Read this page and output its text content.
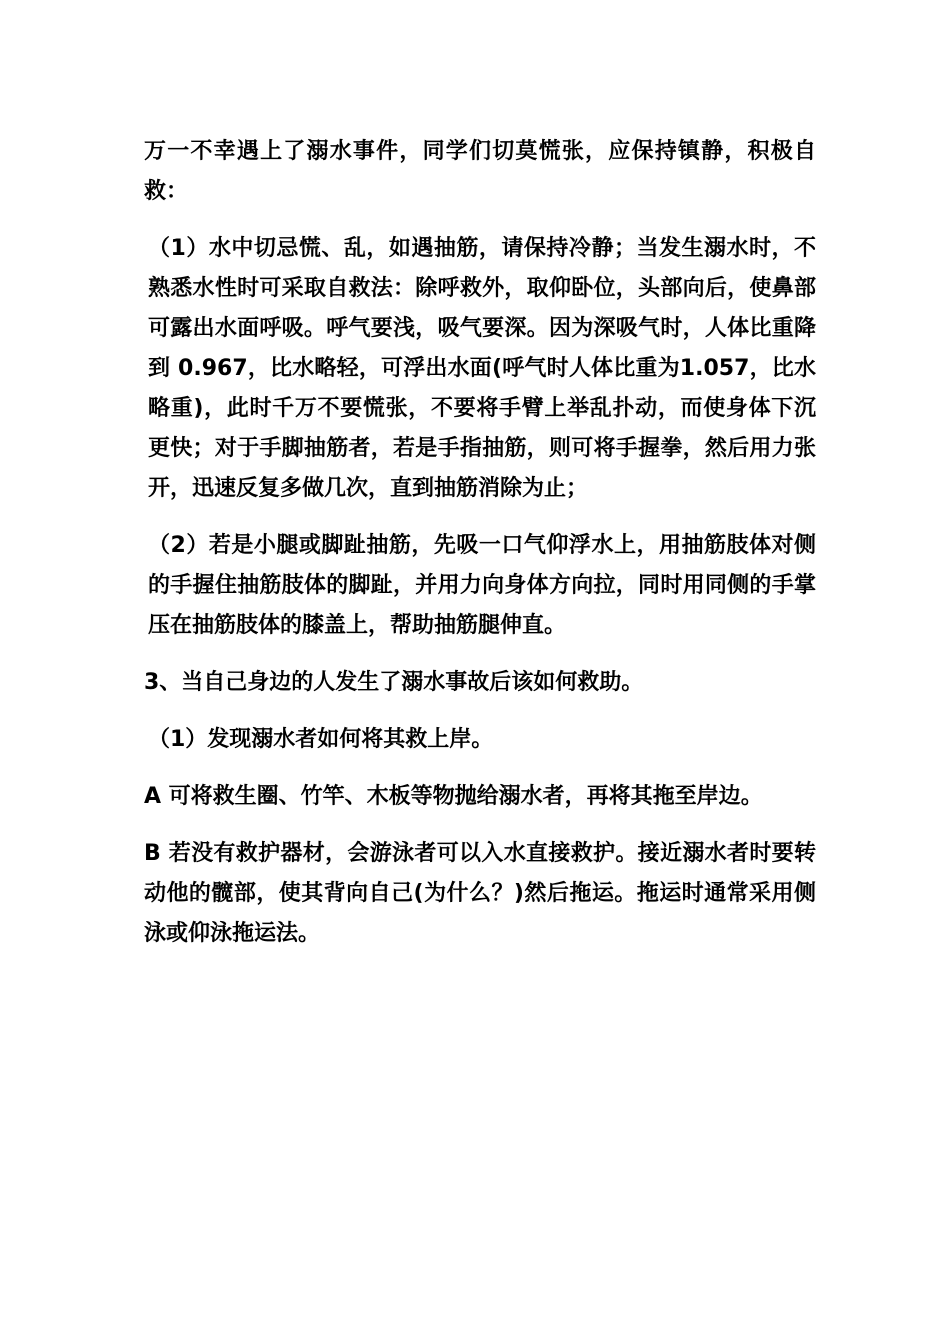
万一不幸遇上了溺水事件，同学们切莫慌张，应保持镇静，积极自救：

（1）水中切忌慌、乱，如遇抽筋，请保持冷静；当发生溺水时，不熟悉水性时可采取自救法：除呼救外，取仰卧位，头部向后，使鼻部可露出水面呼吸。呼气要浅，吸气要深。因为深吸气时，人体比重降到 0.967，比水略轻，可浮出水面(呼气时人体比重为1.057，比水略重)，此时千万不要慌张，不要将手臂上举乱扑动，而使身体下沉更快；对于手脚抽筋者，若是手指抽筋，则可将手握拳，然后用力张开，迅速反复多做几次，直到抽筋消除为止；

（2）若是小腿或脚趾抽筋，先吸一口气仰浮水上，用抽筋肢体对侧的手握住抽筋肢体的脚趾，并用力向身体方向拉，同时用同侧的手掌压在抽筋肢体的膝盖上，帮助抽筋腿伸直。

3、当自己身边的人发生了溺水事故后该如何救助。

（1）发现溺水者如何将其救上岸。

A 可将救生圈、竹竿、木板等物抛给溺水者，再将其拖至岸边。

B 若没有救护器材，会游泳者可以入水直接救护。接近溺水者时要转动他的髋部，使其背向自己(为什么？)然后拖运。拖运时通常采用侧泳或仰泳拖运法。
